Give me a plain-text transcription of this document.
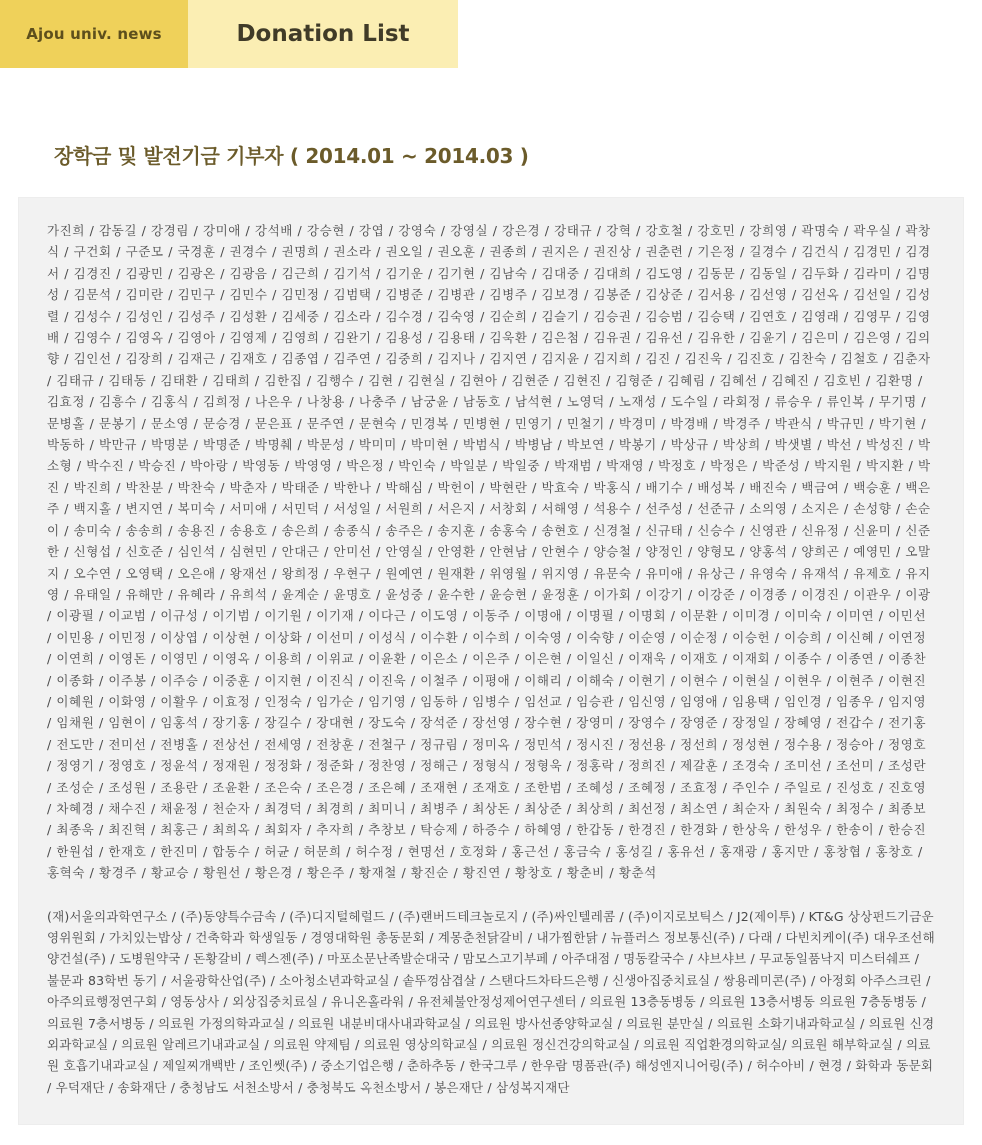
Ajou univ. news	Donation List
장학금 및 발전기금 기부자 ( 2014.01 ~ 2014.03 )
가진희 / 감동길 / 강경림 / 강미애 / 강석배 / 강승현 / 강엽 / 강영숙 / 강영실 / 강은경 / 강태규 / 강혁 / 강호철 / 강호민 / 강희영 / 곽명숙 / 곽우실 / 곽창식 / 구건회 / 구준모 / 국경훈 / 권경수 / 권명희 / 권소라 / 권오일 / 권오훈 / 권종희 / 권지은 / 권진상 / 권춘련 / 기은정 / 길경수 / 김건식 / 김경민 / 김경서 / 김경진 / 김광민 / 김광온 / 김광음 / 김근희 / 김기석 / 김기운 / 김기현 / 김남숙 / 김대중 / 김대희 / 김도영 / 김동문 / 김동일 / 김두화 / 김라미 / 김명성 / 김문석 / 김미란 / 김민구 / 김민수 / 김민정 / 김범택 / 김병준 / 김병관 / 김병주 / 김보경 / 김봉준 / 김상준 / 김서용 / 김선영 / 김선옥 / 김선일 / 김성렬 / 김성수 / 김성인 / 김성주 / 김성환 / 김세중 / 김소라 / 김수경 / 김숙영 / 김순희 / 김슬기 / 김승권 / 김승범 / 김승택 / 김연호 / 김영래 / 김영무 / 김영배 / 김영수 / 김영옥 / 김영아 / 김영제 / 김영희 / 김완기 / 김용성 / 김용태 / 김욱환 / 김은첨 / 김유권 / 김유선 / 김유한 / 김윤기 / 김은미 / 김은영 / 김의향 / 김인선 / 김장희 / 김재근 / 김재호 / 김종엽 / 김주연 / 김중희 / 김지나 / 김지연 / 김지윤 / 김지희 / 김진 / 김진욱 / 김진호 / 김찬숙 / 김철호 / 김춘자 / 김태규 / 김태동 / 김태환 / 김태희 / 김한집 / 김행수 / 김현 / 김현실 / 김현아 / 김현준 / 김현진 / 김형준 / 김혜림 / 김혜선 / 김혜진 / 김호빈 / 김환명 / 김효정 / 김흥수 / 김홍식 / 김희정 / 나은우 / 나창용 / 나충주 / 남궁윤 / 남동호 / 남석현 / 노영덕 / 노재성 / 도수일 / 라회정 / 류승우 / 류인복 / 무기명 / 문병홀 / 문봉기 / 문소영 / 문승경 / 문은표 / 문주연 / 문현숙 / 민경복 / 민병현 / 민영기 / 민철기 / 박경미 / 박경배 / 박경주 / 박관식 / 박규민 / 박기현 / 박동하 / 박만규 / 박명분 / 박명준 / 박명췌 / 박문성 / 박미미 / 박미현 / 박범식 / 박병남 / 박보연 / 박봉기 / 박상규 / 박상희 / 박샛별 / 박선 / 박성진 / 박소형 / 박수진 / 박승진 / 박아랑 / 박영동 / 박영영 / 박은정 / 박인숙 / 박일분 / 박일중 / 박재범 / 박재영 / 박정호 / 박정은 / 박준성 / 박지원 / 박지환 / 박진 / 박진희 / 박찬분 / 박찬숙 / 박춘자 / 박태준 / 박한나 / 박해심 / 박헌이 / 박현란 / 박효숙 / 박홍식 / 배기수 / 배성복 / 배진숙 / 백금여 / 백승훈 / 백은주 / 백지홀 / 변지연 / 복미숙 / 서미애 / 서민덕 / 서성일 / 서원희 / 서은지 / 서창회 / 서해영 / 석용수 / 선주성 / 선준규 / 소의영 / 소지은 / 손성향 / 손순이 / 송미숙 / 송송희 / 송용진 / 송용호 / 송은희 / 송종식 / 송주은 / 송지훈 / 송홍숙 / 송현호 / 신경철 / 신규태 / 신승수 / 신영관 / 신유정 / 신윤미 / 신준한 / 신형섭 / 신호준 / 심인석 / 심현민 / 안대근 / 안미선 / 안영실 / 안영환 / 안현남 / 안현수 / 양승철 / 양정인 / 양형모 / 양홍석 / 양희곤 / 예영민 / 오말지 / 오수연 / 오영택 / 오은애 / 왕재선 / 왕희정 / 우현구 / 원예연 / 원재환 / 위영월 / 위지영 / 유문숙 / 유미애 / 유상근 / 유영숙 / 유재석 / 유제호 / 유지영 / 유태일 / 유해만 / 유혜라 / 유희석 / 윤계순 / 윤명호 / 윤성중 / 윤수한 / 윤승현 / 윤정훈 / 이가회 / 이강기 / 이강준 / 이경종 / 이경진 / 이관우 / 이광 / 이광필 / 이교범 / 이규성 / 이기범 / 이기원 / 이기재 / 이다근 / 이도영 / 이동주 / 이명애 / 이명필 / 이명회 / 이문환 / 이미경 / 이미숙 / 이미연 / 이민선 / 이민용 / 이민정 / 이상엽 / 이상현 / 이상화 / 이선미 / 이성식 / 이수환 / 이수희 / 이숙영 / 이숙향 / 이순영 / 이순정 / 이승헌 / 이승희 / 이신혜 / 이연정 / 이연희 / 이영돈 / 이영민 / 이영옥 / 이용희 / 이위교 / 이윤환 / 이은소 / 이은주 / 이은현 / 이일신 / 이재욱 / 이재호 / 이재회 / 이종수 / 이종연 / 이종찬 / 이종화 / 이주봉 / 이주승 / 이중훈 / 이지현 / 이진식 / 이진욱 / 이철주 / 이평애 / 이해리 / 이해숙 / 이현기 / 이현수 / 이현실 / 이현우 / 이현주 / 이현진 / 이혜원 / 이화영 / 이활우 / 이효정 / 인정숙 / 임가순 / 임기영 / 임동하 / 임병수 / 임선교 / 임승관 / 임신영 / 임영애 / 임용택 / 임인경 / 임종우 / 임지영 / 임채원 / 임현이 / 임홍석 / 장기홍 / 장길수 / 장대현 / 장도숙 / 장석준 / 장선영 / 장수현 / 장영미 / 장영수 / 장영준 / 장정일 / 장혜영 / 전갑수 / 전기홍 / 전도만 / 전미선 / 전병홀 / 전상선 / 전세영 / 전창훈 / 전철구 / 정규림 / 정미옥 / 정민석 / 정시진 / 정선용 / 정선희 / 정성현 / 정수용 / 정승아 / 정영호 / 정영기 / 정영호 / 정윤석 / 정재원 / 정정화 / 정준화 / 정찬영 / 정해근 / 정형식 / 정형욱 / 정홍락 / 정희진 / 제갈훈 / 조경숙 / 조미선 / 조선미 / 조성란 / 조성순 / 조성원 / 조용란 / 조윤환 / 조은숙 / 조은경 / 조은혜 / 조재현 / 조재호 / 조한범 / 조혜성 / 조혜정 / 조효정 / 주인수 / 주일로 / 진성호 / 진호영 / 차혜경 / 채수진 / 채윤정 / 천순자 / 최경덕 / 최경희 / 최미니 / 최병주 / 최상돈 / 최상준 / 최상희 / 최선정 / 최소연 / 최순자 / 최원숙 / 최정수 / 최종보 / 최종욱 / 최진혁 / 최홍근 / 최희옥 / 최회자 / 추자희 / 추창보 / 탁승제 / 하증수 / 하혜영 / 한갑동 / 한경진 / 한경화 / 한상욱 / 한성우 / 한송이 / 한승진 / 한원섭 / 한재호 / 한진미 / 합동수 / 허균 / 허문희 / 허수정 / 현명선 / 호정화 / 홍근선 / 홍금숙 / 홍성길 / 홍유선 / 홍재광 / 홍지만 / 홍창협 / 홍창호 / 홍혁숙 / 황경주 / 황교승 / 황원선 / 황은경 / 황은주 / 황재철 / 황진순 / 황진연 / 황창호 / 황춘비 / 황춘석
(재)서울의과학연구소 / (주)동양특수금속 / (주)디지털헤럴드 / (주)랜버드테크놀로지 / (주)싸인텔레콤 / (주)이지로보틱스 / J2(제이투) / KT&G 상상펀드기금운영위원회 / 가치있는밥상 / 건축학과 학생일동 / 경영대학원 총동문회 / 계몽춘천닭갈비 / 내가찜한닭 / 뉴플러스 정보통신(주) / 다래 / 다빈치케이(주) 대우조선해양건설(주) / 도병원약국 / 돈황갈비 / 렉스젠(주) / 마포소문난족발순대국 / 맘모스고기부페 / 아주대점 / 명동칼국수 / 샤브샤브 / 무교동일품낙지 미스터쉐프 / 불문과 83학번 동기 / 서울광학산업(주) / 소아청소년과학교실 / 솥뚜껑삼겹살 / 스탠다드차타드은행 / 신생아집중치료실 / 쌍용레미콘(주) / 아정회 아주스크린 / 아주의료행정연구회 / 영동상사 / 외상집중치료실 / 유니온홀라워 / 유전체불안정성제어연구센터 / 의료원 13층동병동 / 의료원 13층서병동 의료원 7층동병동 / 의료원 7층서병동 / 의료원 가정의학과교실 / 의료원 내분비대사내과학교실 / 의료원 방사선종양학교실 / 의료원 분만실 / 의료원 소화기내과학교실 / 의료원 신경외과학교실 / 의료원 알레르기내과교실 / 의료원 약제팀 / 의료원 영상의학교실 / 의료원 정신건강의학교실 / 의료원 직업환경의학교실/ 의료원 해부학교실 / 의료원 호흡기내과교실 / 제일찌개백반 / 조인쎗(주) / 중소기업은행 / 춘하추동 / 한국그루 / 한우람 명품관(주) 해성엔지니어링(주) / 허수아비 / 현경 / 화학과 동문회 / 우덕재단 / 송화재단 / 충청남도 서천소방서 / 충청북도 옥천소방서 / 봉은재단 / 삼성복지재단
